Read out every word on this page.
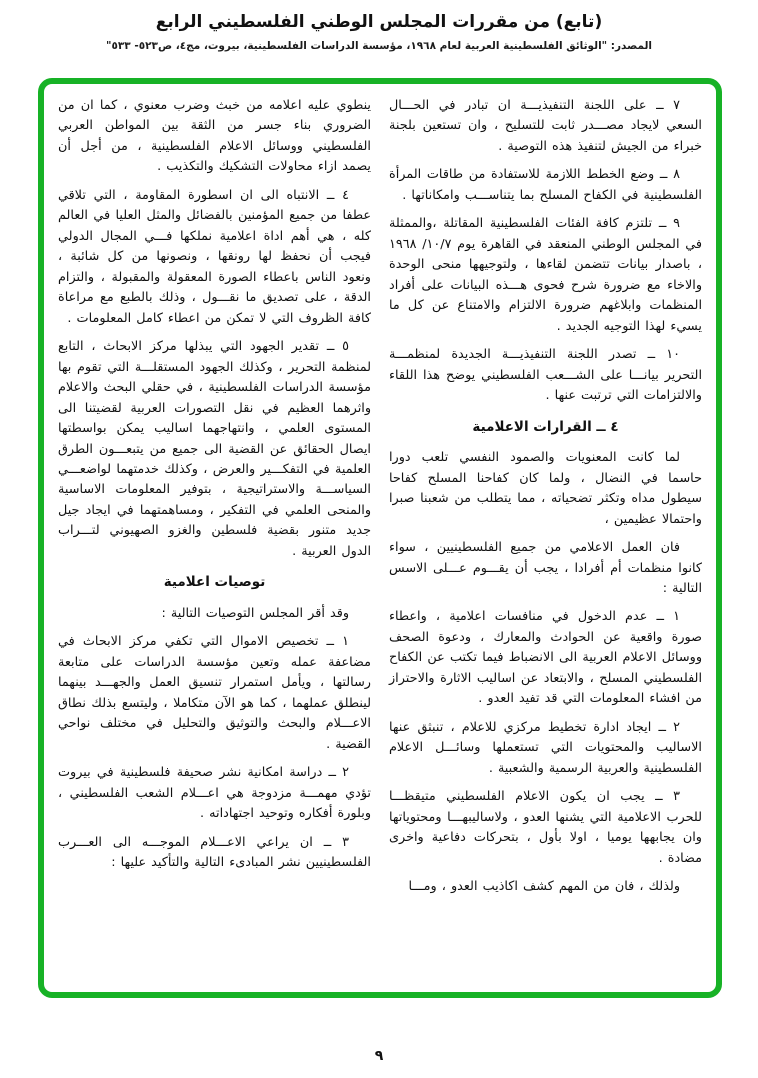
(تابع) من مقررات المجلس الوطني الفلسطيني الرابع
المصدر: "الوثائق الفلسطينية العربية لعام ١٩٦٨، مؤسسة الدراسات الفلسطينية، بيروت، مج٤، ص٥٢٣- ٥٣٣"
٧ ــ على اللجنة التنفيذيـــة ان تبادر في الحـــال السعي لايجاد مصـــدر ثابت للتسليح ، وان تستعين بلجنة خبراء من الجيش لتنفيذ هذه التوصية .
٨ ــ وضع الخطط اللازمة للاستفادة من طاقات المرأة الفلسطينية في الكفاح المسلح بما يتناســـب وامكاناتها .
٩ ــ تلتزم كافة الفئات الفلسطينية المقاتلة ،والممثلة في المجلس الوطني المنعقد في القاهرة يوم ١٠/٧/ ١٩٦٨ ، باصدار بيانات تتضمن لقاءها ، ولتوجيهها منحى الوحدة والاخاء مع ضرورة شرح فحوى هـــذه البيانات على أفراد المنظمات وابلاغهم ضرورة الالتزام والامتناع عن كل ما يسيء لهذا التوجيه الجديد .
١٠ ــ تصدر اللجنة التنفيذيـــة الجديدة لمنظمـــة التحرير بيانـــا على الشـــعب الفلسطيني يوضح هذا اللقاء والالتزامات التي ترتبت عنها .
٤ ــ القرارات الاعلامية
لما كانت المعنويات والصمود النفسي تلعب دورا حاسما في النضال ، ولما كان كفاحنا المسلح كفاحا سيطول مداه وتكثر تضحياته ، مما يتطلب من شعبنا صبرا واحتمالا عظيمين ،
فان العمل الاعلامي من جميع الفلسطينيين ، سواء كانوا منظمات أم أفرادا ، يجب أن يقـــوم عـــلى الاسس التالية :
١ ــ عدم الدخول في منافسات اعلامية ، واعطاء صورة واقعية عن الحوادث والمعارك ، ودعوة الصحف ووسائل الاعلام العربية الى الانضباط فيما تكتب عن الكفاح الفلسطيني المسلح ، والابتعاد عن اساليب الاثارة والاحتراز من افشاء المعلومات التي قد تفيد العدو .
٢ ــ ايجاد ادارة تخطيط مركزي للاعلام ، تنبثق عنها الاساليب والمحتويات التي تستعملها وسائـــل الاعلام الفلسطينية والعربية الرسمية والشعبية .
٣ ــ يجب ان يكون الاعلام الفلسطيني متيقظـــا للحرب الاعلامية التي يشنها العدو ، ولاساليبهـــا ومحتوياتها وان يجابهها يوميا ، اولا بأول ، بتحركات دفاعية واخرى مضادة .
ولذلك ، فان من المهم كشف اكاذيب العدو ، ومـــا
ينطوي عليه اعلامه من خبث وضرب معنوي ، كما ان من الضروري بناء جسر من الثقة بين المواطن العربي الفلسطيني ووسائل الاعلام الفلسطينية ، من أجل أن يصمد ازاء محاولات التشكيك والتكذيب .
٤ ــ الانتباه الى ان اسطورة المقاومة ، التي تلاقي عطفا من جميع المؤمنين بالفضائل والمثل العليا في العالم كله ، هي أهم اداة اعلامية نملكها فـــي المجال الدولي فيجب أن نحفظ لها رونقها ، ونصونها من كل شائبة ، ونعود الناس باعطاء الصورة المعقولة والمقبولة ، والتزام الدقة ، على تصديق ما نقـــول ، وذلك بالطبع مع مراعاة كافة الظروف التي لا تمكن من اعطاء كامل المعلومات .
٥ ــ تقدير الجهود التي يبذلها مركز الابحاث ، التابع لمنظمة التحرير ، وكذلك الجهود المستقلـــة التي تقوم بها مؤسسة الدراسات الفلسطينية ، في حقلي البحث والاعلام واثرهما العظيم في نقل التصورات العربية لقضيتنا الى المستوى العلمي ، وانتهاجهما اساليب يمكن بواسطتها ايصال الحقائق عن القضية الى جميع من يتبعـــون الطرق العلمية في التفكـــير والعرض ، وكذلك خدمتهما لواضعـــي السياســـة والاستراتيجية ، بتوفير المعلومات الاساسية والمنحى العلمي في التفكير ، ومساهمتهما في ايجاد جيل جديد متنور بقضية فلسطين والغزو الصهيوني لتـــراب الدول العربية .
توصيات اعلامية
وقد أقر المجلس التوصيات التالية :
١ ــ تخصيص الاموال التي تكفي مركز الابحاث في مضاعفة عمله وتعين مؤسسة الدراسات على متابعة رسالتها ، ويأمل استمرار تنسيق العمل والجهـــد بينهما لينطلق عملهما ، كما هو الآن متكاملا ، وليتسع بذلك نطاق الاعـــلام والبحث والتوثيق والتحليل في مختلف نواحي القضية .
٢ ــ دراسة امكانية نشر صحيفة فلسطينية في بيروت تؤدي مهمـــة مزدوجة هي اعـــلام الشعب الفلسطيني ، وبلورة أفكاره وتوحيد اجتهاداته .
٣ ــ ان يراعي الاعـــلام الموجـــه الى العـــرب الفلسطينيين نشر المبادىء التالية والتأكيد عليها :
٩
